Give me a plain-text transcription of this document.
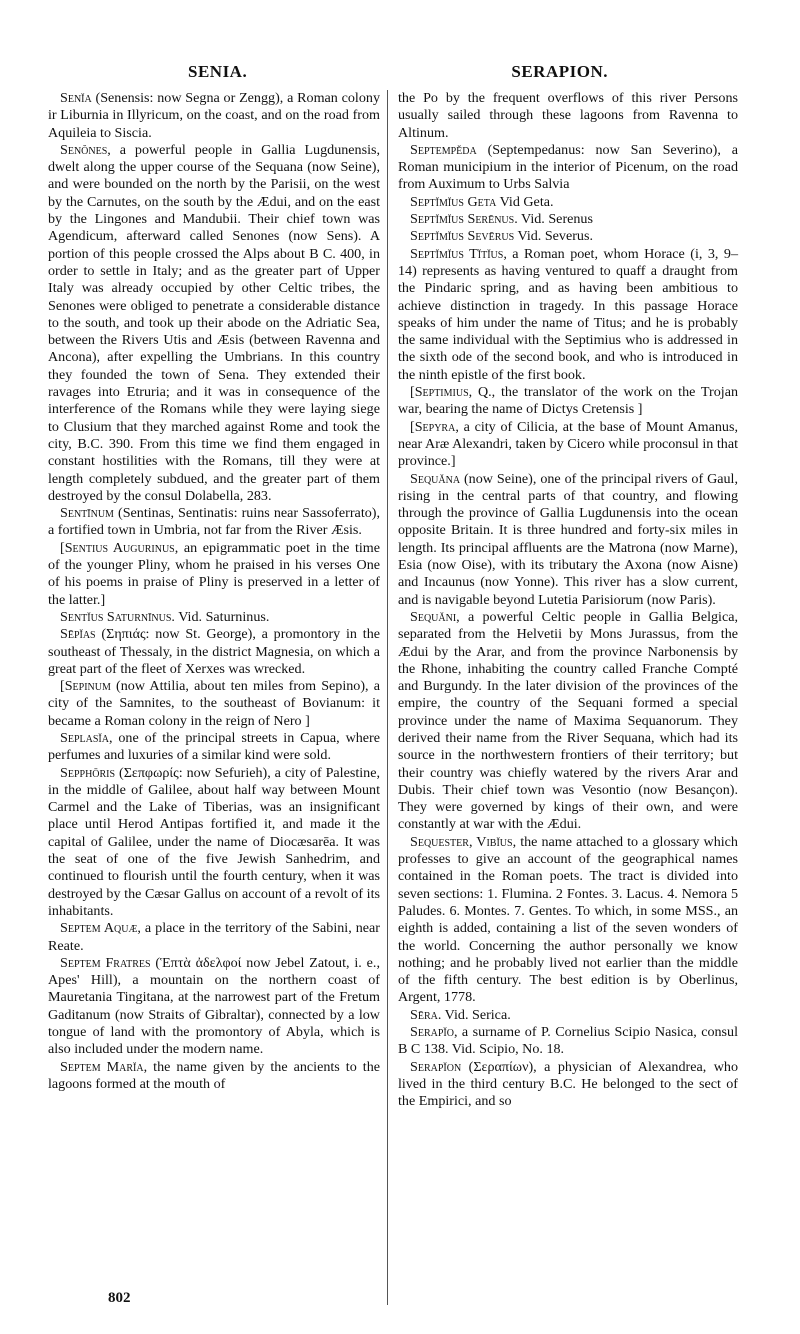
SENIA.	SERAPION.

Senĭa (Senensis: now Segna or Zengg), a Roman colony ir Liburnia in Illyricum, on the coast, and on the road from Aquileia to Siscia.

Senŏnes, a powerful people in Gallia Lugdunensis, dwelt along the upper course of the Sequana (now Seine), and were bounded on the north by the Parisii, on the west by the Carnutes, on the south by the Ædui, and on the east by the Lingones and Mandubii. Their chief town was Agendicum, afterward called Senones (now Sens). A portion of this people crossed the Alps about B C. 400, in order to settle in Italy; and as the greater part of Upper Italy was already occupied by other Celtic tribes, the Senones were obliged to penetrate a considerable distance to the south, and took up their abode on the Adriatic Sea, between the Rivers Utis and Æsis (between Ravenna and Ancona), after expelling the Umbrians. In this country they founded the town of Sena. They extended their ravages into Etruria; and it was in consequence of the interference of the Romans while they were laying siege to Clusium that they marched against Rome and took the city, B.C. 390. From this time we find them engaged in constant hostilities with the Romans, till they were at length completely subdued, and the greater part of them destroyed by the consul Dolabella, 283.

Sentīnum (Sentinas, Sentinatis: ruins near Sassoferrato), a fortified town in Umbria, not far from the River Æsis.

[Sentius Augurinus, an epigrammatic poet in the time of the younger Pliny, whom he praised in his verses One of his poems in praise of Pliny is preserved in a letter of the latter.]

Sentĭus Saturnīnus. Vid. Saturninus.

Sēpĭas (Σηπιάς: now St. George), a promontory in the southeast of Thessaly, in the district Magnesia, on which a great part of the fleet of Xerxes was wrecked.

[Sepinum (now Attilia, about ten miles from Sepino), a city of the Samnites, to the southeast of Bovianum: it became a Roman colony in the reign of Nero ]

Seplasĭa, one of the principal streets in Capua, where perfumes and luxuries of a similar kind were sold.

Sepphōris (Σεπφωρίς: now Sefurieh), a city of Palestine, in the middle of Galilee, about half way between Mount Carmel and the Lake of Tiberias, was an insignificant place until Herod Antipas fortified it, and made it the capital of Galilee, under the name of Diocæsarēa. It was the seat of one of the five Jewish Sanhedrim, and continued to flourish until the fourth century, when it was destroyed by the Cæsar Gallus on account of a revolt of its inhabitants.

Septem Aquæ, a place in the territory of the Sabini, near Reate.

Septem Fratres (Ἑπτὰ ἀδελφοί now Jebel Zatout, i. e., Apes' Hill), a mountain on the northern coast of Mauretania Tingitana, at the narrowest part of the Fretum Gaditanum (now Straits of Gibraltar), connected by a low tongue of land with the promontory of Abyla, which is also included under the modern name.

Septem Marĭa, the name given by the ancients to the lagoons formed at the mouth of

the Po by the frequent overflows of this river Persons usually sailed through these lagoons from Ravenna to Altinum.

Septempĕda (Septempedanus: now San Severino), a Roman municipium in the interior of Picenum, on the road from Auximum to Urbs Salvia

Septĭmĭus Geta Vid Geta.

Septĭmĭus Serēnus. Vid. Serenus

Septĭmĭus Sevērus Vid. Severus.

Septĭmĭus Tĭtĭus, a Roman poet, whom Horace (i, 3, 9–14) represents as having ventured to quaff a draught from the Pindaric spring, and as having been ambitious to achieve distinction in tragedy. In this passage Horace speaks of him under the name of Titus; and he is probably the same individual with the Septimius who is addressed in the sixth ode of the second book, and who is introduced in the ninth epistle of the first book.

[Septimius, Q., the translator of the work on the Trojan war, bearing the name of Dictys Cretensis ]

[Sepyra, a city of Cilicia, at the base of Mount Amanus, near Aræ Alexandri, taken by Cicero while proconsul in that province.]

Sequăna (now Seine), one of the principal rivers of Gaul, rising in the central parts of that country, and flowing through the province of Gallia Lugdunensis into the ocean opposite Britain. It is three hundred and forty-six miles in length. Its principal affluents are the Matrona (now Marne), Esia (now Oise), with its tributary the Axona (now Aisne) and Incaunus (now Yonne). This river has a slow current, and is navigable beyond Lutetia Parisiorum (now Paris).

Sequăni, a powerful Celtic people in Gallia Belgica, separated from the Helvetii by Mons Jurassus, from the Ædui by the Arar, and from the province Narbonensis by the Rhone, inhabiting the country called Franche Compté and Burgundy. In the later division of the provinces of the empire, the country of the Sequani formed a special province under the name of Maxima Sequanorum. They derived their name from the River Sequana, which had its source in the northwestern frontiers of their territory; but their country was chiefly watered by the rivers Arar and Dubis. Their chief town was Vesontio (now Besançon). They were governed by kings of their own, and were constantly at war with the Ædui.

Sequester, Vibĭus, the name attached to a glossary which professes to give an account of the geographical names contained in the Roman poets. The tract is divided into seven sections: 1. Flumina. 2 Fontes. 3. Lacus. 4. Nemora 5 Paludes. 6. Montes. 7. Gentes. To which, in some MSS., an eighth is added, containing a list of the seven wonders of the world. Concerning the author personally we know nothing; and he probably lived not earlier than the middle of the fifth century. The best edition is by Oberlinus, Argent, 1778.

Sēra. Vid. Serica.

Serapĭo, a surname of P. Cornelius Scipio Nasica, consul B C 138. Vid. Scipio, No. 18.

Serapĭon (Σεραπίων), a physician of Alexandrea, who lived in the third century B.C. He belonged to the sect of the Empirici, and so

802
